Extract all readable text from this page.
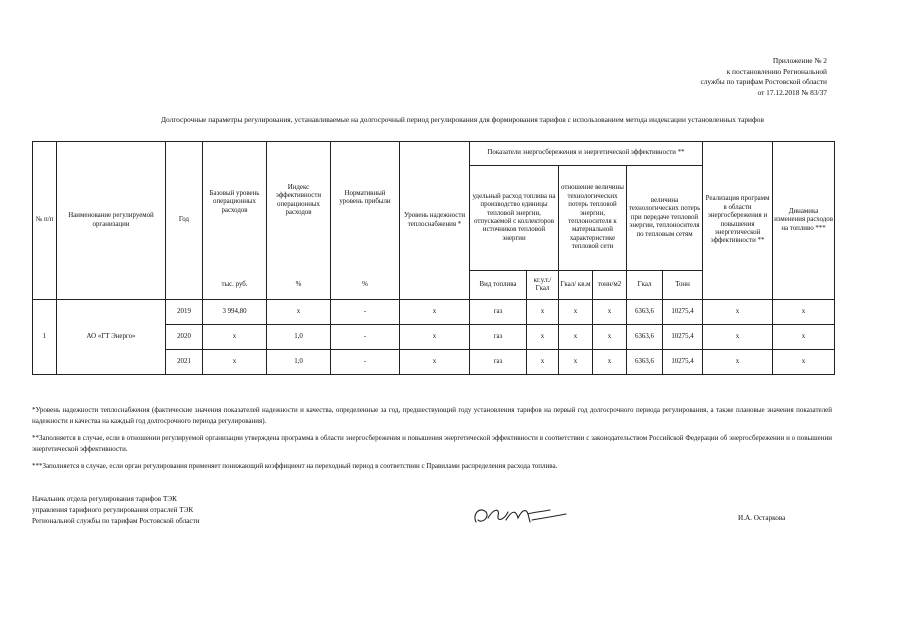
Приложение № 2
к постановлению Региональной
службы по тарифам Ростовской области
от 17.12.2018 № 83/37
Долгосрочные параметры регулирования, устанавливаемые на долгосрочный период регулирования для формирования тарифов с использованием метода индексации установленных тарифов
№ п/п	Наименование регулируемой организации	Год	Базовый уровень операционных расходов	Индекс эффективности операционных расходов	Нормативный уровень прибыли	Уровень надежности теплоснабжения *	Показатели энергосбережения и энергетической эффективности **						Реализация программ в области энергосбережения и повышения энергетической эффективности **	Динамика изменения расходов на топливо ***
							удельный расход топлива на производство единицы тепловой энергии, отпускаемой с коллекторов источников тепловой энергии		отношение величины технологических потерь тепловой энергии, теплоносителя к материальной характеристике тепловой сети		величина технологических потерь при передаче тепловой энергии, теплоносителя по тепловым сетям			
			тыс. руб.	%	%		Вид топлива	кг.у.т./ Гкал	Гкал/ кв.м	тонн/м2	Гкал	Тонн		
1	АО «ГТ Энерго»	2019	3 994,80	x	-	x	газ	x	x	x	6363,6	10275,4	x	x
		2020	x	1,0	-	x	газ	x	x	x	6363,6	10275,4	x	x
		2021	x	1,0	-	x	газ	x	x	x	6363,6	10275,4	x	x

*Уровень надежности теплоснабжения (фактические значения показателей надежности и качества, определенные за год, предшествующий году установления тарифов на первый год долгосрочного периода регулирования, а также плановые значения показателей надежности и качества на каждый год долгосрочного периода регулирования).

**Заполняется в случае, если в отношении регулируемой организации утверждена программа в области энергосбережения и повышения энергетической эффективности в соответствии с законодательством Российской Федерации об энергосбережении и о повышении энергетической эффективности.

***Заполняется в случае, если орган регулирования применяет понижающий коэффициент на переходный период в соответствии с Правилами распределения расхода топлива.

Начальник отдела регулирования тарифов ТЭК
управления тарифного регулирования отраслей ТЭК
Региональной службы по тарифам Ростовской области	И.А. Остаркова
